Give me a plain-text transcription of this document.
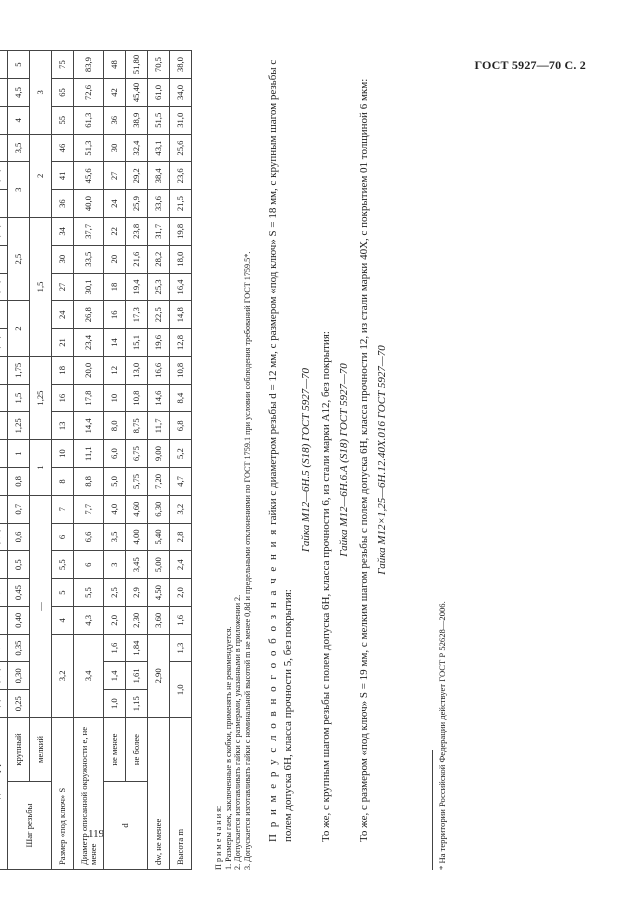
ГОСТ 5927—70 С. 2
119

Шаг резьбы	крупный	0,25	0,30	0,35	0,40	0,45	0,5	0,6	0,7	0,8	1	1,25	1,5	1,75	2		2,5			3		3,5	4	4,5	5
	мелкий	—								1		1,25			1,5					2			3		
Размер «под ключ» S		3,2			4	5	5,5	6	7	8	10	13	16	18	21	24	27	30	34	36	41	46	55	65	75
Диаметр описанной окружности е, не менее		3,4			4,3	5,5	6	6,6	7,7	8,8	11,1	14,4	17,8	20,0	23,4	26,8	30,1	33,5	37,7	40,0	45,6	51,3	61,3	72,6	83,9
d	не менее	1,0	1,4	1,6	2,0	2,5	3	3,5	4,0	5,0	6,0	8,0	10	12	14	16	18	20	22	24	27	30	36	42	48
	не более	1,15	1,61	1,84	2,30	2,9	3,45	4,00	4,60	5,75	6,75	8,75	10,8	13,0	15,1	17,3	19,4	21,6	23,8	25,9	29,2	32,4	38,9	45,40	51,80
dw, не менее		2,90			3,60	4,50	5,00	5,40	6,30	7,20	9,00	11,7	14,6	16,6	19,6	22,5	25,3	28,2	31,7	33,6	38,4	43,1	51,5	61,0	70,5
Высота m		1,0		1,3	1,6	2,0	2,4	2,8	3,2	4,7	5,2	6,8	8,4	10,8	12,8	14,8	16,4	18,0	19,8	21,5	23,6	25,6	31,0	34,0	38,0
П р и м е ч а н и я: 1. Размеры гаек, заключенные в скобки, применять не рекомендуется. 2. Допускается изготавливать гайки с размерами, указанными в приложении 2. 3. Допускается изготавливать гайки с номинальной высотой m не менее 0,8d и предельными отклонениями по ГОСТ 1759.1 при условии соблюдения требований ГОСТ 1759.5*. П р и м е р у с л о в н о г о о б о з н а ч е н и я гайки с диаметром резьбы d = 12 мм, с размером «под ключ» S = 18 мм, с крупным шагом резьбы с полем допуска 6H, класса прочности 5, без покрытия:

Гайка М12—6Н.5 (S18) ГОСТ 5927—70 То же, с крупным шагом резьбы с полем допуска 6H, класса прочности 6, из стали марки А12, без покрытия: Гайка М12—6Н.6.А (S18) ГОСТ 5927—70 То же, с размером «под ключ» S = 19 мм, с мелким шагом резьбы с полем допуска 6H, класса прочности 12, из стали марки 40X, с покрытием 01 толщиной 6 мкм: Гайка М12×1,25—6Н.12.40Х.016 ГОСТ 5927—70

* На территории Российской Федерации действует ГОСТ Р 52628—2006.
